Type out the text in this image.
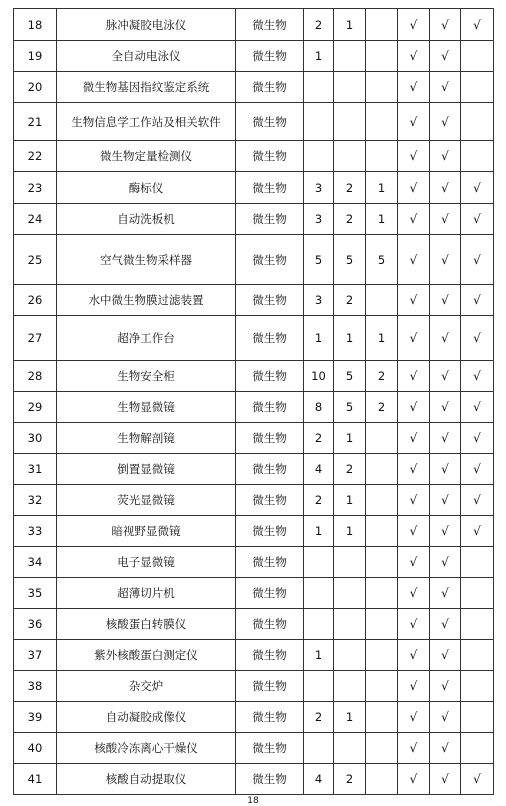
18	脉冲凝胶电泳仪	微生物	2	1		√	√	√
19	全自动电泳仪	微生物	1			√	√	
20	微生物基因指纹鉴定系统	微生物				√	√	
21	生物信息学工作站及相关软件	微生物				√	√	
22	微生物定量检测仪	微生物				√	√	
23	酶标仪	微生物	3	2	1	√	√	√
24	自动洗板机	微生物	3	2	1	√	√	√
25	空气微生物采样器	微生物	5	5	5	√	√	√
26	水中微生物膜过滤装置	微生物	3	2		√	√	√
27	超净工作台	微生物	1	1	1	√	√	√
28	生物安全柜	微生物	10	5	2	√	√	√
29	生物显微镜	微生物	8	5	2	√	√	√
30	生物解剖镜	微生物	2	1		√	√	√
31	倒置显微镜	微生物	4	2		√	√	√
32	荧光显微镜	微生物	2	1		√	√	√
33	暗视野显微镜	微生物	1	1		√	√	√
34	电子显微镜	微生物				√	√	
35	超薄切片机	微生物				√	√	
36	核酸蛋白转膜仪	微生物				√	√	
37	紫外核酸蛋白测定仪	微生物	1			√	√	
38	杂交炉	微生物				√	√	
39	自动凝胶成像仪	微生物	2	1		√	√	
40	核酸冷冻离心干燥仪	微生物				√	√	
41	核酸自动提取仪	微生物	4	2		√	√	√
18
